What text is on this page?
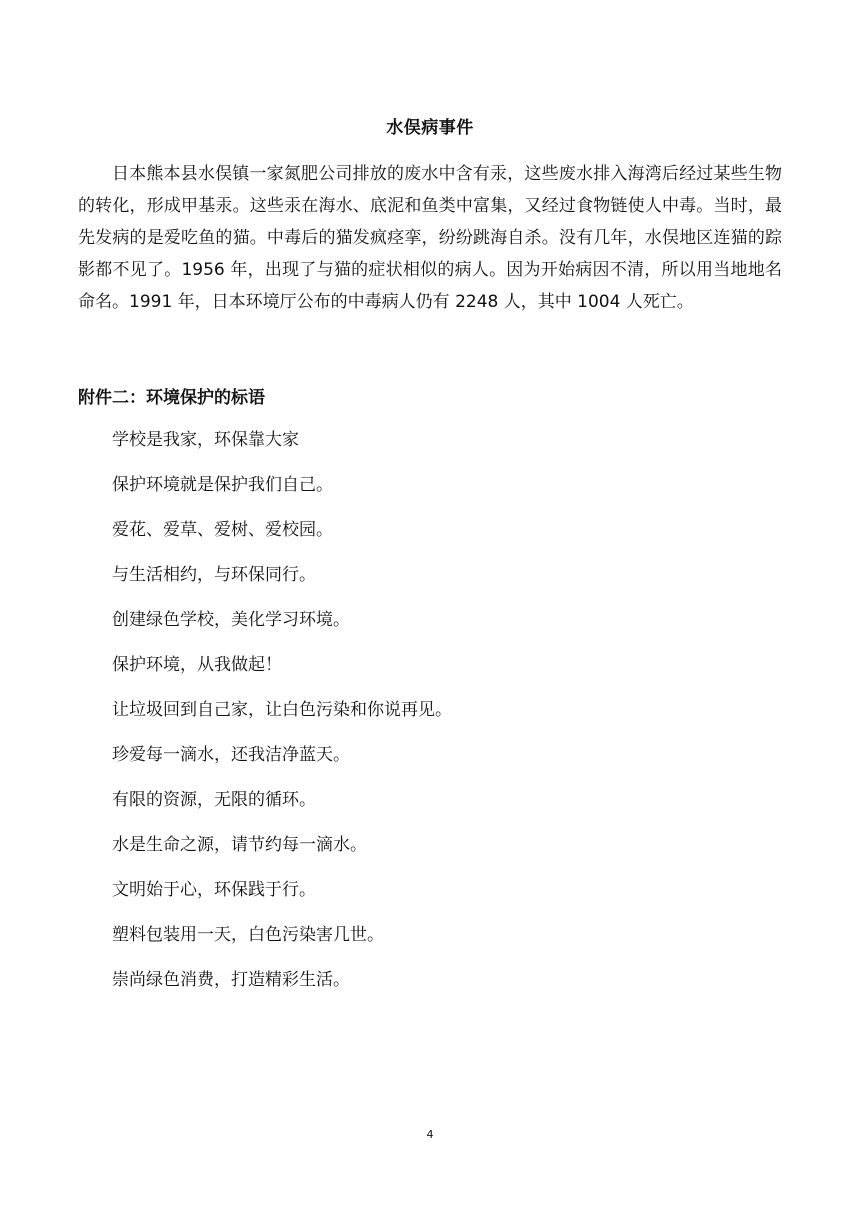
水俣病事件

日本熊本县水俣镇一家氮肥公司排放的废水中含有汞，这些废水排入海湾后经过某些生物的转化，形成甲基汞。这些汞在海水、底泥和鱼类中富集，又经过食物链使人中毒。当时，最先发病的是爱吃鱼的猫。中毒后的猫发疯痉挛，纷纷跳海自杀。没有几年，水俣地区连猫的踪影都不见了。1956 年，出现了与猫的症状相似的病人。因为开始病因不清，所以用当地地名命名。1991 年，日本环境厅公布的中毒病人仍有 2248 人，其中 1004 人死亡。

附件二：环境保护的标语

学校是我家，环保靠大家
保护环境就是保护我们自己。
爱花、爱草、爱树、爱校园。
与生活相约，与环保同行。
创建绿色学校，美化学习环境。
保护环境，从我做起！
让垃圾回到自己家，让白色污染和你说再见。
珍爱每一滴水，还我洁净蓝天。
有限的资源，无限的循环。
水是生命之源，请节约每一滴水。
文明始于心，环保践于行。
塑料包装用一天，白色污染害几世。
崇尚绿色消费，打造精彩生活。
4
